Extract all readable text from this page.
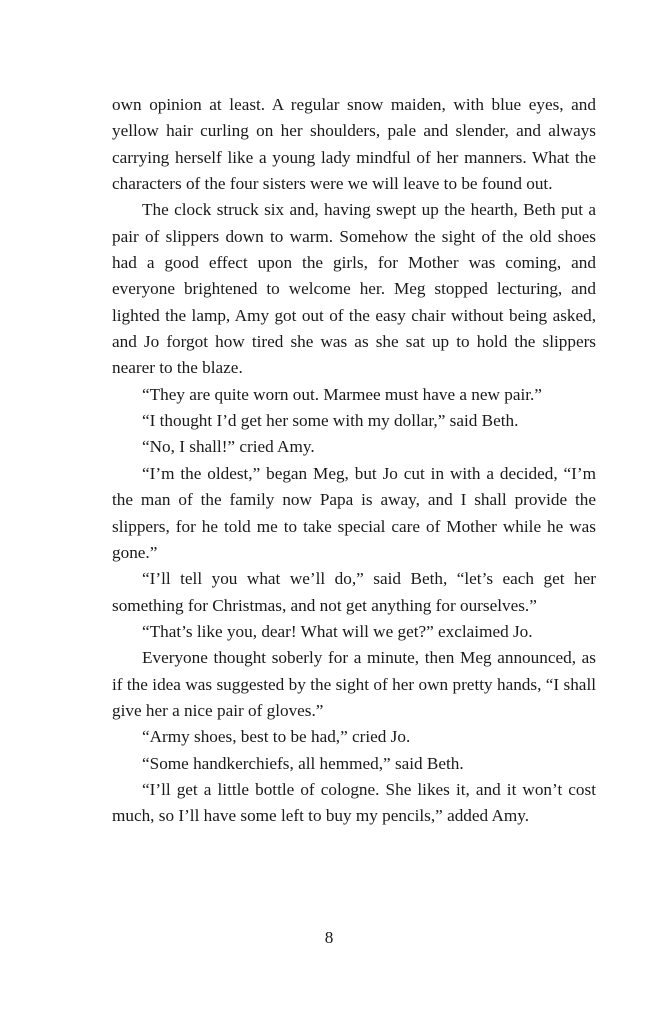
own opinion at least. A regular snow maiden, with blue eyes, and yellow hair curling on her shoulders, pale and slender, and always carrying herself like a young lady mindful of her manners. What the characters of the four sisters were we will leave to be found out.

The clock struck six and, having swept up the hearth, Beth put a pair of slippers down to warm. Somehow the sight of the old shoes had a good effect upon the girls, for Mother was coming, and everyone brightened to welcome her. Meg stopped lecturing, and lighted the lamp, Amy got out of the easy chair without being asked, and Jo forgot how tired she was as she sat up to hold the slippers nearer to the blaze.

“They are quite worn out. Marmee must have a new pair.”

“I thought I’d get her some with my dollar,” said Beth.

“No, I shall!” cried Amy.

“I’m the oldest,” began Meg, but Jo cut in with a decided, “I’m the man of the family now Papa is away, and I shall provide the slippers, for he told me to take special care of Mother while he was gone.”

“I’ll tell you what we’ll do,” said Beth, “let’s each get her something for Christmas, and not get anything for ourselves.”

“That’s like you, dear! What will we get?” exclaimed Jo.

Everyone thought soberly for a minute, then Meg announced, as if the idea was suggested by the sight of her own pretty hands, “I shall give her a nice pair of gloves.”

“Army shoes, best to be had,” cried Jo.

“Some handkerchiefs, all hemmed,” said Beth.

“I’ll get a little bottle of cologne. She likes it, and it won’t cost much, so I’ll have some left to buy my pencils,” added Amy.

8
